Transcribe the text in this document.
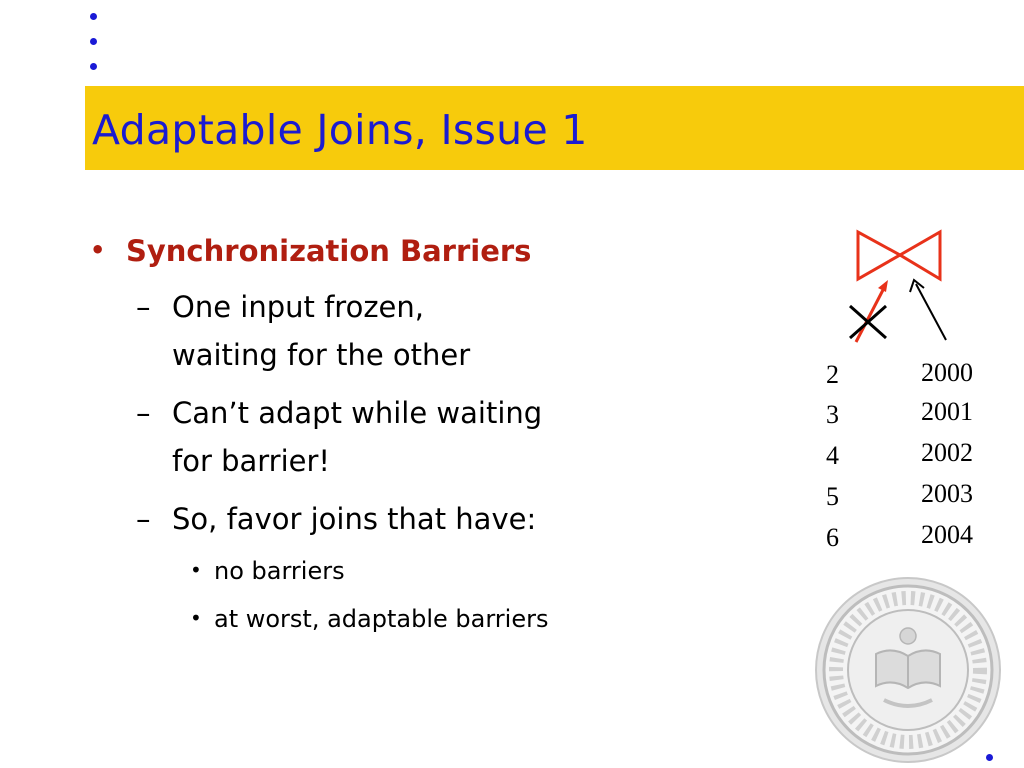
Adaptable Joins, Issue 1
• Synchronization Barriers
– One input frozen,
waiting for the other
– Can’t adapt while waiting
for barrier!
– So, favor joins that have:
• no barriers
• at worst, adaptable barriers
2
3
4
5
6
2000
2001
2002
2003
2004
